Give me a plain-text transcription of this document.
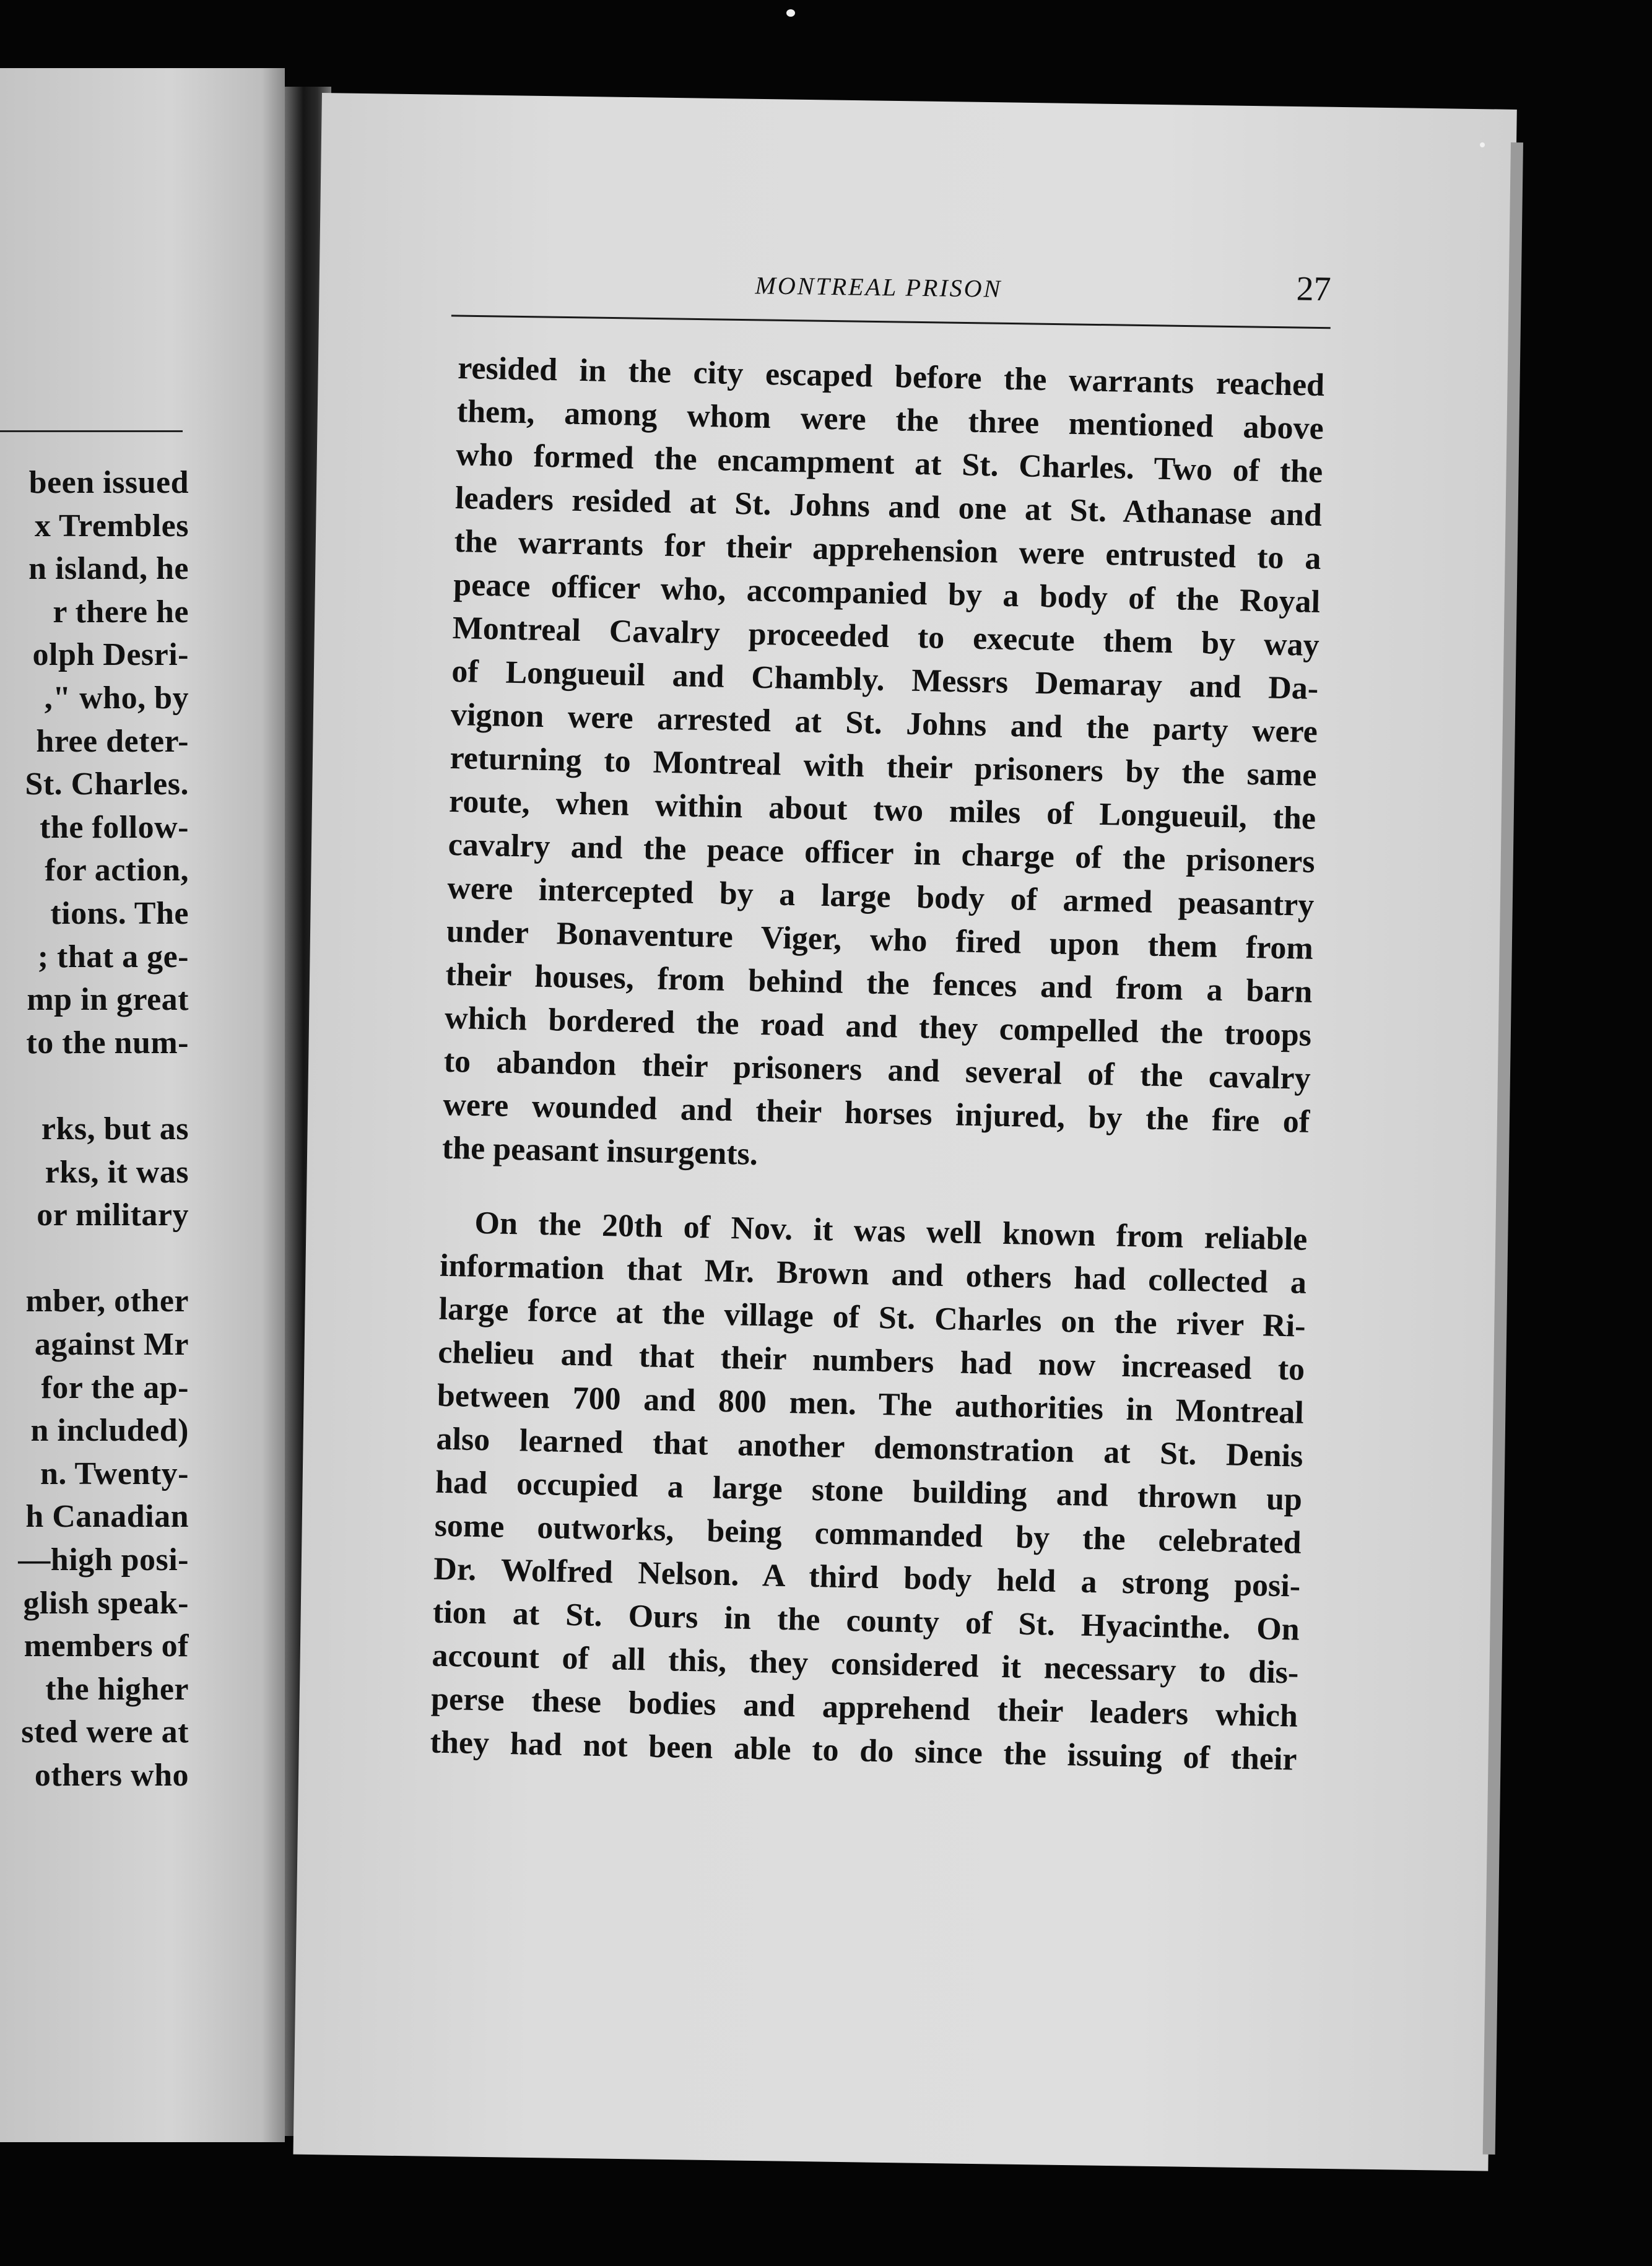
been issued
x Trembles
n island, he
r there he
olph Desri-
," who, by
hree deter-
St. Charles.
the follow-
for action,
tions. The
; that a ge-
mp in great
to the num-
rks, but as
rks, it was
or military
mber, other
against Mr
for the ap-
n included)
n. Twenty-
h Canadian
—high posi-
glish speak-
members of
the higher
sted were at
others who
MONTREAL PRISON	27
resided in the city escaped before the warrants reached
them, among whom were the three mentioned above
who formed the encampment at St. Charles. Two of the
leaders resided at St. Johns and one at St. Athanase and
the warrants for their apprehension were entrusted to a
peace officer who, accompanied by a body of the Royal
Montreal Cavalry proceeded to execute them by way
of Longueuil and Chambly. Messrs Demaray and Da-
vignon were arrested at St. Johns and the party were
returning to Montreal with their prisoners by the same
route, when within about two miles of Longueuil, the
cavalry and the peace officer in charge of the prisoners
were intercepted by a large body of armed peasantry
under Bonaventure Viger, who fired upon them from
their houses, from behind the fences and from a barn
which bordered the road and they compelled the troops
to abandon their prisoners and several of the cavalry
were wounded and their horses injured, by the fire of
the peasant insurgents.
On the 20th of Nov. it was well known from reliable
information that Mr. Brown and others had collected a
large force at the village of St. Charles on the river Ri-
chelieu and that their numbers had now increased to
between 700 and 800 men. The authorities in Montreal
also learned that another demonstration at St. Denis
had occupied a large stone building and thrown up
some outworks, being commanded by the celebrated
Dr. Wolfred Nelson. A third body held a strong posi-
tion at St. Ours in the county of St. Hyacinthe. On
account of all this, they considered it necessary to dis-
perse these bodies and apprehend their leaders which
they had not been able to do since the issuing of their
